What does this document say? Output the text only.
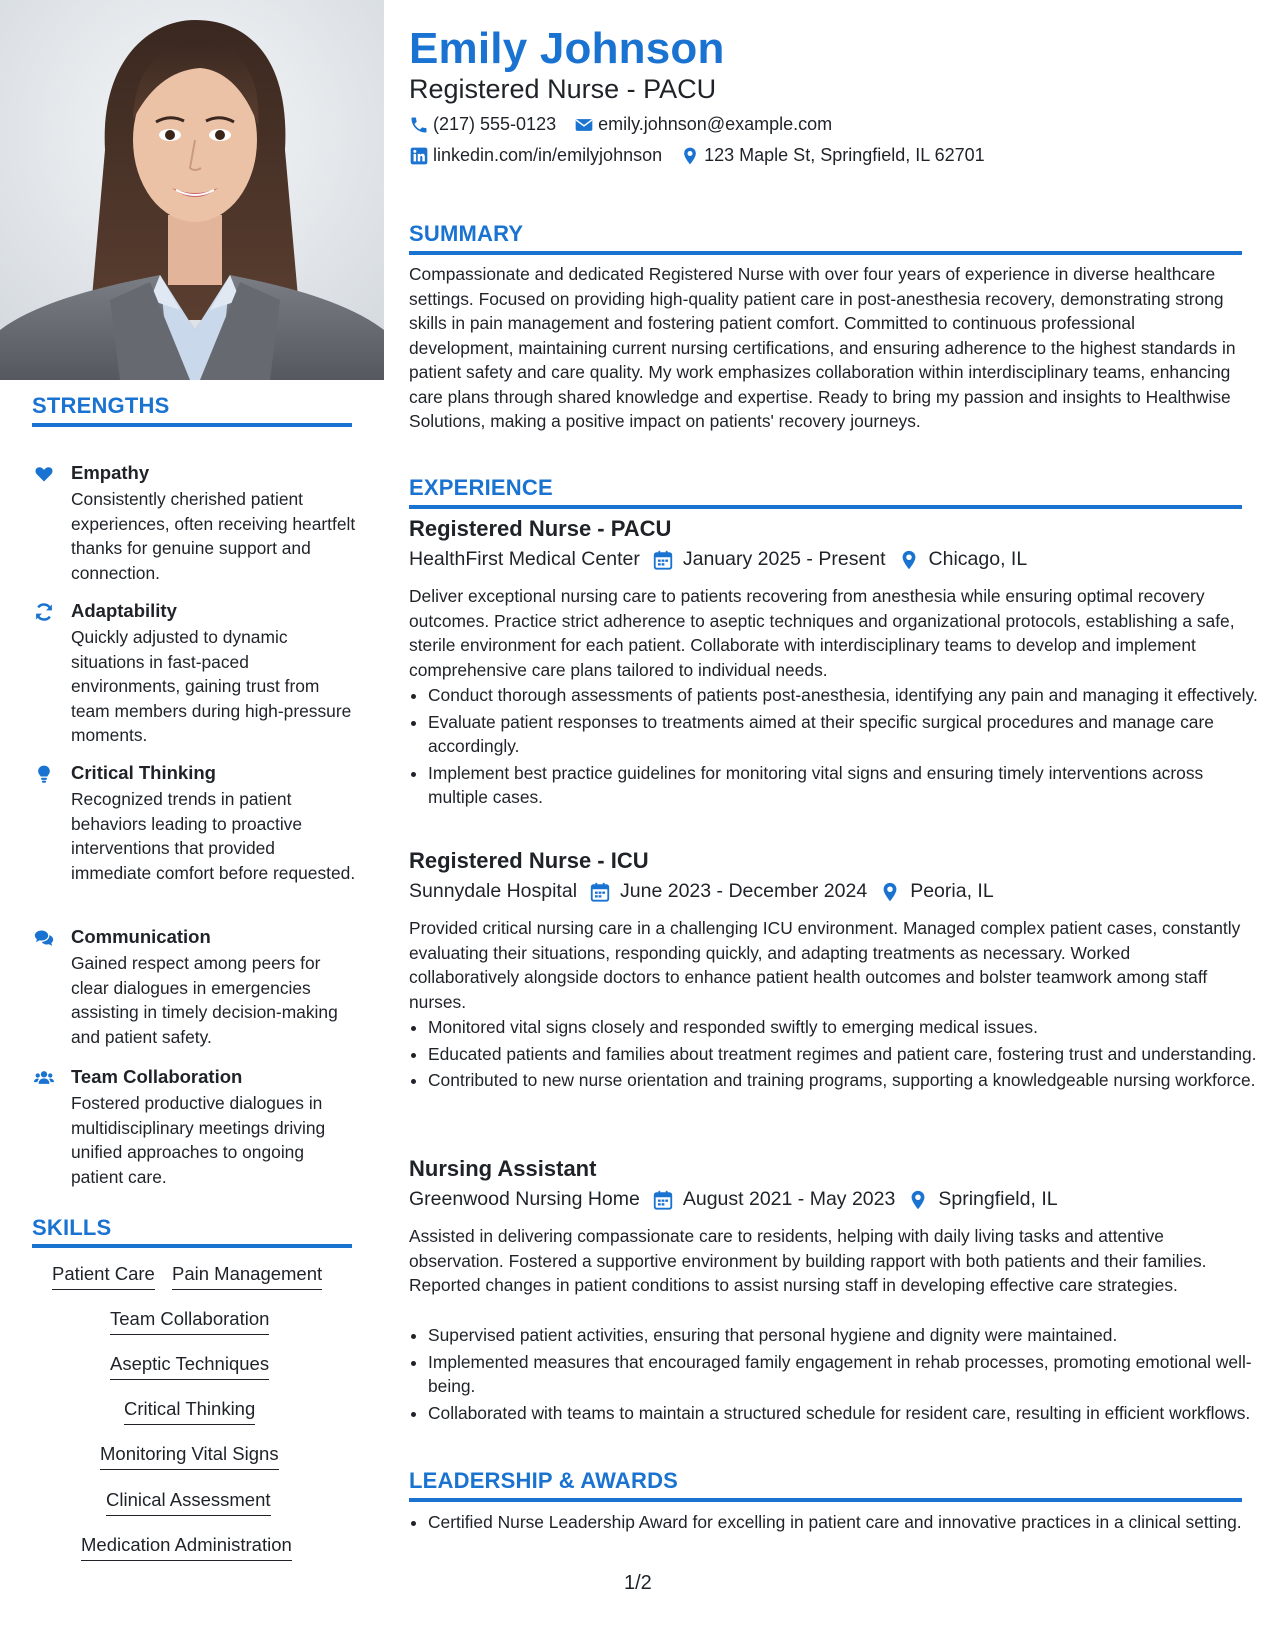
STRENGTHS
Empathy
Consistently cherished patient experiences, often receiving heartfelt thanks for genuine support and connection.
Adaptability
Quickly adjusted to dynamic situations in fast-paced environments, gaining trust from team members during high-pressure moments.
Critical Thinking
Recognized trends in patient behaviors leading to proactive interventions that provided immediate comfort before requested.
Communication
Gained respect among peers for clear dialogues in emergencies assisting in timely decision-making and patient safety.
Team Collaboration
Fostered productive dialogues in multidisciplinary meetings driving unified approaches to ongoing patient care.
SKILLS
Patient Care Pain Management
Team Collaboration
Aseptic Techniques
Critical Thinking
Monitoring Vital Signs
Clinical Assessment
Medication Administration
Emily Johnson
Registered Nurse - PACU
(217) 555-0123 emily.johnson@example.com
linkedin.com/in/emilyjohnson 123 Maple St, Springfield, IL 62701
SUMMARY
Compassionate and dedicated Registered Nurse with over four years of experience in diverse healthcare settings. Focused on providing high-quality patient care in post-anesthesia recovery, demonstrating strong skills in pain management and fostering patient comfort. Committed to continuous professional development, maintaining current nursing certifications, and ensuring adherence to the highest standards in patient safety and care quality. My work emphasizes collaboration within interdisciplinary teams, enhancing care plans through shared knowledge and expertise. Ready to bring my passion and insights to Healthwise Solutions, making a positive impact on patients' recovery journeys.
EXPERIENCE
Registered Nurse - PACU
HealthFirst Medical Center January 2025 - Present Chicago, IL
Deliver exceptional nursing care to patients recovering from anesthesia while ensuring optimal recovery outcomes. Practice strict adherence to aseptic techniques and organizational protocols, establishing a safe, sterile environment for each patient. Collaborate with interdisciplinary teams to develop and implement comprehensive care plans tailored to individual needs.
• Conduct thorough assessments of patients post-anesthesia, identifying any pain and managing it effectively.
• Evaluate patient responses to treatments aimed at their specific surgical procedures and manage care accordingly.
• Implement best practice guidelines for monitoring vital signs and ensuring timely interventions across multiple cases.
Registered Nurse - ICU
Sunnydale Hospital June 2023 - December 2024 Peoria, IL
Provided critical nursing care in a challenging ICU environment. Managed complex patient cases, constantly evaluating their situations, responding quickly, and adapting treatments as necessary. Worked collaboratively alongside doctors to enhance patient health outcomes and bolster teamwork among staff nurses.
• Monitored vital signs closely and responded swiftly to emerging medical issues.
• Educated patients and families about treatment regimes and patient care, fostering trust and understanding.
• Contributed to new nurse orientation and training programs, supporting a knowledgeable nursing workforce.
Nursing Assistant
Greenwood Nursing Home August 2021 - May 2023 Springfield, IL
Assisted in delivering compassionate care to residents, helping with daily living tasks and attentive observation. Fostered a supportive environment by building rapport with both patients and their families. Reported changes in patient conditions to assist nursing staff in developing effective care strategies.
• Supervised patient activities, ensuring that personal hygiene and dignity were maintained.
• Implemented measures that encouraged family engagement in rehab processes, promoting emotional well-being.
• Collaborated with teams to maintain a structured schedule for resident care, resulting in efficient workflows.
LEADERSHIP & AWARDS
• Certified Nurse Leadership Award for excelling in patient care and innovative practices in a clinical setting.
1/2
